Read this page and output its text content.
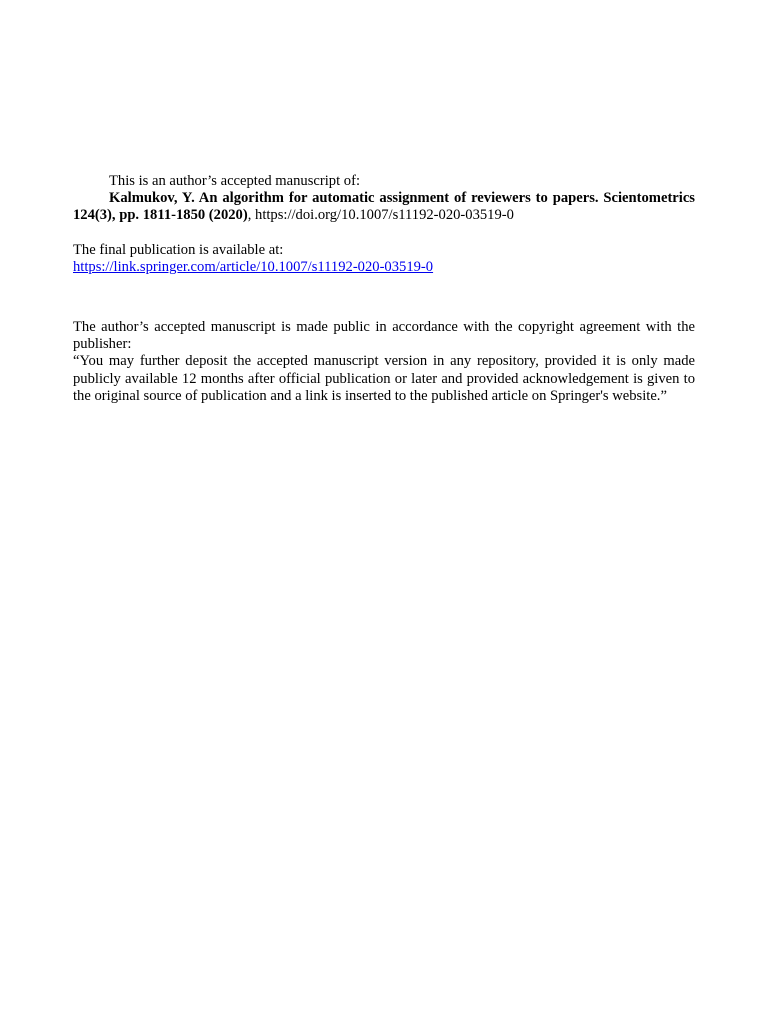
This is an author’s accepted manuscript of:

Kalmukov, Y. An algorithm for automatic assignment of reviewers to papers. Scientometrics 124(3), pp. 1811-1850 (2020), https://doi.org/10.1007/s11192-020-03519-0

The final publication is available at:

https://link.springer.com/article/10.1007/s11192-020-03519-0

The author’s accepted manuscript is made public in accordance with the copyright agreement with the publisher:

“You may further deposit the accepted manuscript version in any repository, provided it is only made publicly available 12 months after official publication or later and provided acknowledgement is given to the original source of publication and a link is inserted to the published article on Springer's website.”
